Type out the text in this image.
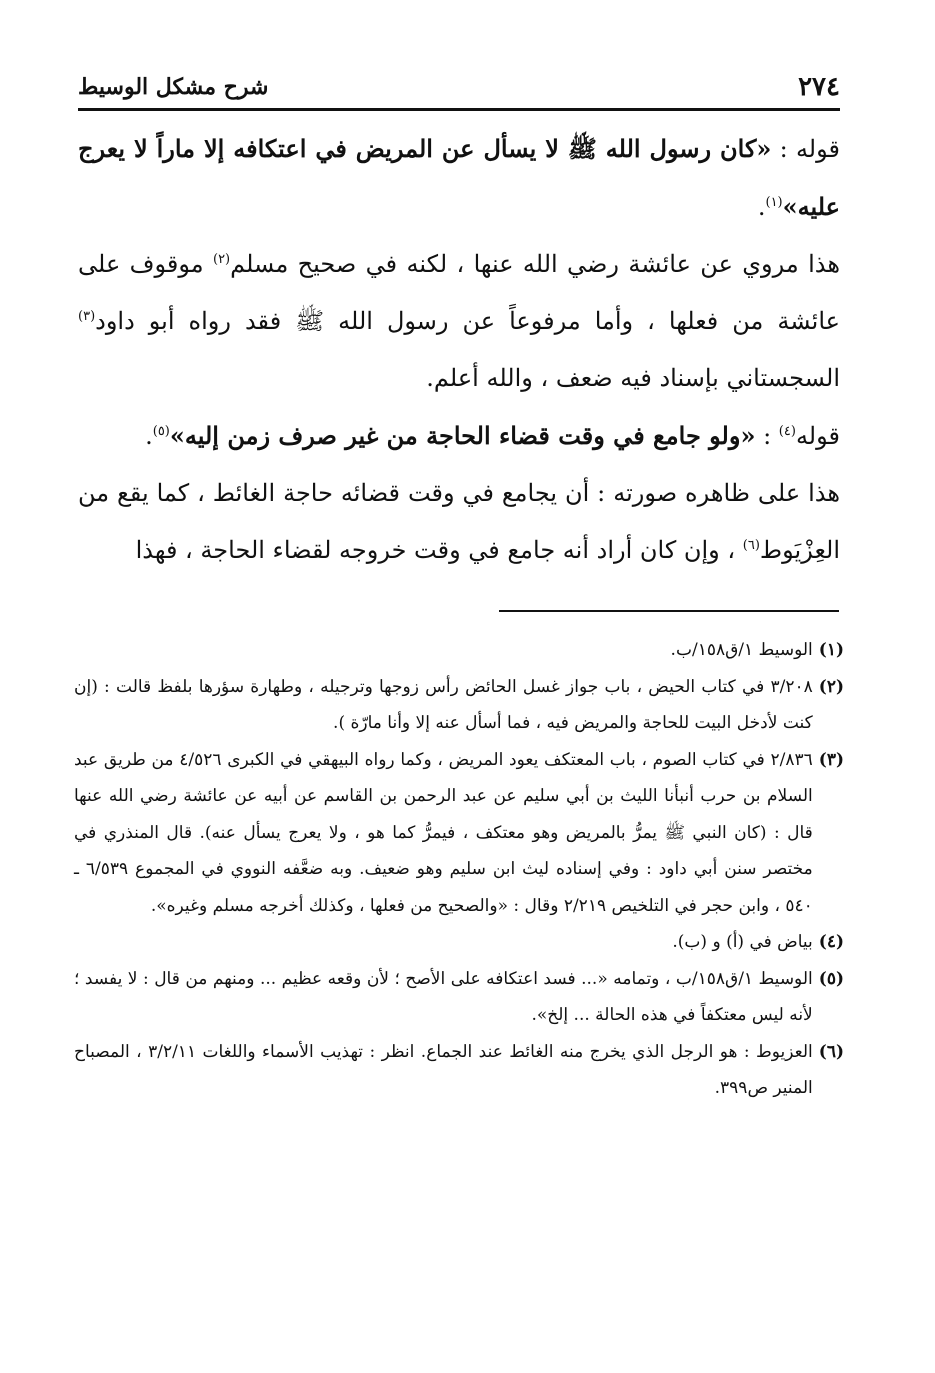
٢٧٤
شرح مشكل الوسيط

قوله : «كان رسول الله ﷺ لا يسأل عن المريض في اعتكافه إلا ماراً لا يعرج عليه»$^{(١)}$.

هذا مروي عن عائشة رضي الله عنها ، لكنه في صحيح مسلم$^{(٢)}$ موقوف على عائشة من فعلها ، وأما مرفوعاً عن رسول الله ﷺ فقد رواه أبو داود$^{(٣)}$ السجستاني بإسناد فيه ضعف ، والله أعلم.

قوله$^{(٤)}$ : «ولو جامع في وقت قضاء الحاجة من غير صرف زمن إليه»$^{(٥)}$.

هذا على ظاهره صورته : أن يجامع في وقت قضائه حاجة الغائط ، كما يقع من العِزْيَوط$^{(٦)}$ ، وإن كان أراد أنه جامع في وقت خروجه لقضاء الحاجة ، فهذا

(١)
الوسيط ١/ق١٥٨/ب.
(٢)
٣/٢٠٨ في كتاب الحيض ، باب جواز غسل الحائض رأس زوجها وترجيله ، وطهارة سؤرها بلفظ قالت : (إن كنت لأدخل البيت للحاجة والمريض فيه ، فما أسأل عنه إلا وأنا مارّة ).
(٣)
٢/٨٣٦ في كتاب الصوم ، باب المعتكف يعود المريض ، وكما رواه البيهقي في الكبرى ٤/٥٢٦ من طريق عبد السلام بن حرب أنبأنا الليث بن أبي سليم عن عبد الرحمن بن القاسم عن أبيه عن عائشة رضي الله عنها قال : (كان النبي ﷺ يمرُّ بالمريض وهو معتكف ، فيمرُّ كما هو ، ولا يعرج يسأل عنه). قال المنذري في مختصر سنن أبي داود : وفي إسناده ليث ابن سليم وهو ضعيف. وبه ضعَّفه النووي في المجموع ٦/٥٣٩ ـ ٥٤٠ ، وابن حجر في التلخيص ٢/٢١٩ وقال : «والصحيح من فعلها ، وكذلك أخرجه مسلم وغيره».
(٤)
بياض في (أ) و (ب).
(٥)
الوسيط ١/ق١٥٨/ب ، وتمامه «... فسد اعتكافه على الأصح ؛ لأن وقعه عظيم ... ومنهم من قال : لا يفسد ؛ لأنه ليس معتكفاً في هذه الحالة ... إلخ».
(٦)
العزيوط : هو الرجل الذي يخرج منه الغائط عند الجماع. انظر : تهذيب الأسماء واللغات ٣/٢/١١ ، المصباح المنير ص٣٩٩.
